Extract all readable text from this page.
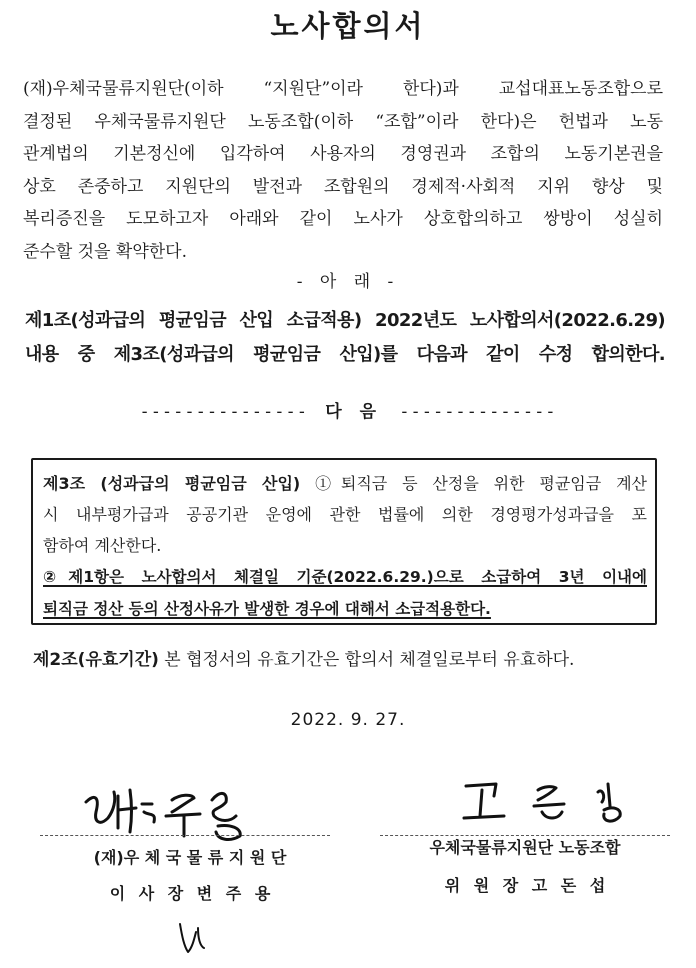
노사합의서

(재)우체국물류지원단(이하 “지원단”이라 한다)과 교섭대표노동조합으로

결정된 우체국물류지원단 노동조합(이하 “조합”이라 한다)은 헌법과 노동

관계법의 기본정신에 입각하여 사용자의 경영권과 조합의 노동기본권을

상호 존중하고 지원단의 발전과 조합원의 경제적·사회적 지위 향상 및

복리증진을 도모하고자 아래와 같이 노사가 상호합의하고 쌍방이 성실히

준수할 것을 확약한다.

- 아 래 -

제1조(성과급의 평균임금 산입 소급적용) 2022년도 노사합의서(2022.6.29)

내용 중 제3조(성과급의 평균임금 산입)를 다음과 같이 수정 합의한다.

--------------- 다 음 --------------

제3조 (성과급의 평균임금 산입) ①퇴직금 등 산정을 위한 평균임금 계산

시 내부평가급과 공공기관 운영에 관한 법률에 의한 경영평가성과급을 포

함하여 계산한다.

②제1항은 노사합의서 체결일 기준(2022.6.29.)으로 소급하여 3년 이내에

퇴직금 정산 등의 산정사유가 발생한 경우에 대해서 소급적용한다.

제2조(유효기간) 본 협정서의 유효기간은 합의서 체결일로부터 유효하다.
2022. 9. 27.
(재)우 체 국 물 류 지 원 단
이 사 장 변 주 용
우체국물류지원단 노동조합
위 원 장 고 돈 섭
